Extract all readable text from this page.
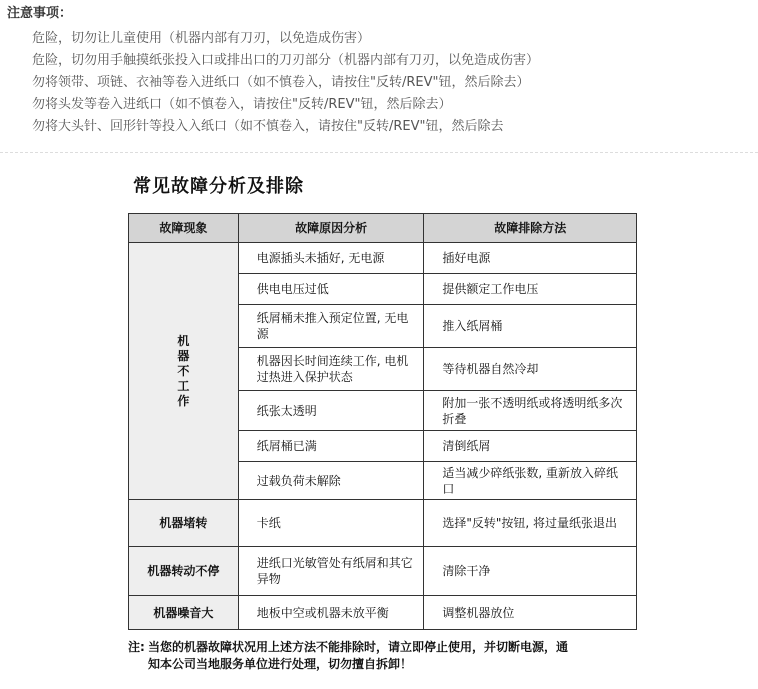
注意事项：
危险，切勿让儿童使用（机器内部有刀刃，以免造成伤害）
危险，切勿用手触摸纸张投入口或排出口的刀刃部分（机器内部有刀刃，以免造成伤害）
勿将领带、项链、衣袖等卷入进纸口（如不慎卷入，请按住"反转/REV"钮，然后除去）
勿将头发等卷入进纸口（如不慎卷入，请按住"反转/REV"钮，然后除去）
勿将大头针、回形针等投入入纸口（如不慎卷入，请按住"反转/REV"钮，然后除去
常见故障分析及排除
故障现象	故障原因分析	故障排除方法
机器不工作	电源插头未插好, 无电源	插好电源
	供电电压过低	提供额定工作电压
	纸屑桶未推入预定位置, 无电源	推入纸屑桶
	机器因长时间连续工作, 电机过热进入保护状态	等待机器自然冷却
	纸张太透明	附加一张不透明纸或将透明纸多次折叠
	纸屑桶已满	清倒纸屑
	过载负荷未解除	适当减少碎纸张数, 重新放入碎纸口
机器堵转	卡纸	选择"反转"按钮, 将过量纸张退出
机器转动不停	进纸口光敏管处有纸屑和其它异物	清除干净
机器噪音大	地板中空或机器未放平衡	调整机器放位
注: 当您的机器故障状况用上述方法不能排除时，请立即停止使用，并切断电源，通
知本公司当地服务单位进行处理，切勿擅自拆卸！
